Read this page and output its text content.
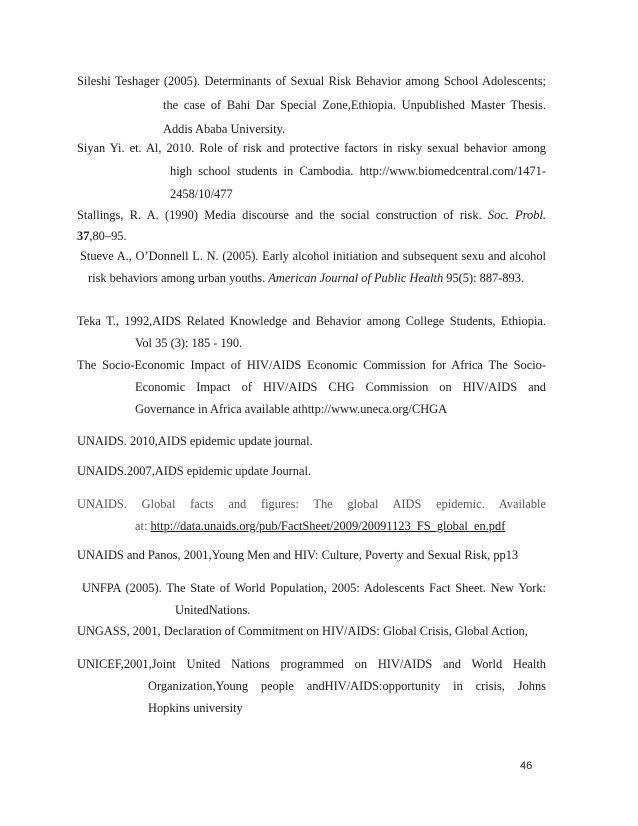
Sileshi Teshager (2005). Determinants of Sexual Risk Behavior among School Adolescents;
the case of Bahi Dar Special Zone,Ethiopia. Unpublished Master Thesis.
Addis Ababa University.
Siyan Yi. et. Al, 2010. Role of risk and protective factors in risky sexual behavior among
high school students in Cambodia. http://www.biomedcentral.com/1471-
2458/10/477
Stallings, R. A. (1990) Media discourse and the social construction of risk. Soc. Probl.
37,80–95.
Stueve A., O’Donnell L. N. (2005). Early alcohol initiation and subsequent sexu and alcohol
risk behaviors among urban youths. American Journal of Public Health 95(5): 887-893.
Teka T., 1992,AIDS Related Knowledge and Behavior among College Students, Ethiopia.
Vol 35 (3): 185 - 190.
The Socio-Economic Impact of HIV/AIDS Economic Commission for Africa The Socio-
Economic Impact of HIV/AIDS CHG Commission on HIV/AIDS and
Governance in Africa available athttp://www.uneca.org/CHGA
UNAIDS. 2010,AIDS epidemic update journal.
UNAIDS.2007,AIDS epidemic update Journal.
UNAIDS. Global facts and figures: The global AIDS epidemic. Available
at: http://data.unaids.org/pub/FactSheet/2009/20091123_FS_global_en.pdf
UNAIDS and Panos, 2001,Young Men and HIV: Culture, Poverty and Sexual Risk, pp13
UNFPA (2005). The State of World Population, 2005: Adolescents Fact Sheet. New York:
UnitedNations.
UNGASS, 2001, Declaration of Commitment on HIV/AIDS: Global Crisis, Global Action,
UNICEF,2001,Joint United Nations programmed on HIV/AIDS and World Health
Organization,Young people andHIV/AIDS:opportunity in crisis, Johns
Hopkins university
46
